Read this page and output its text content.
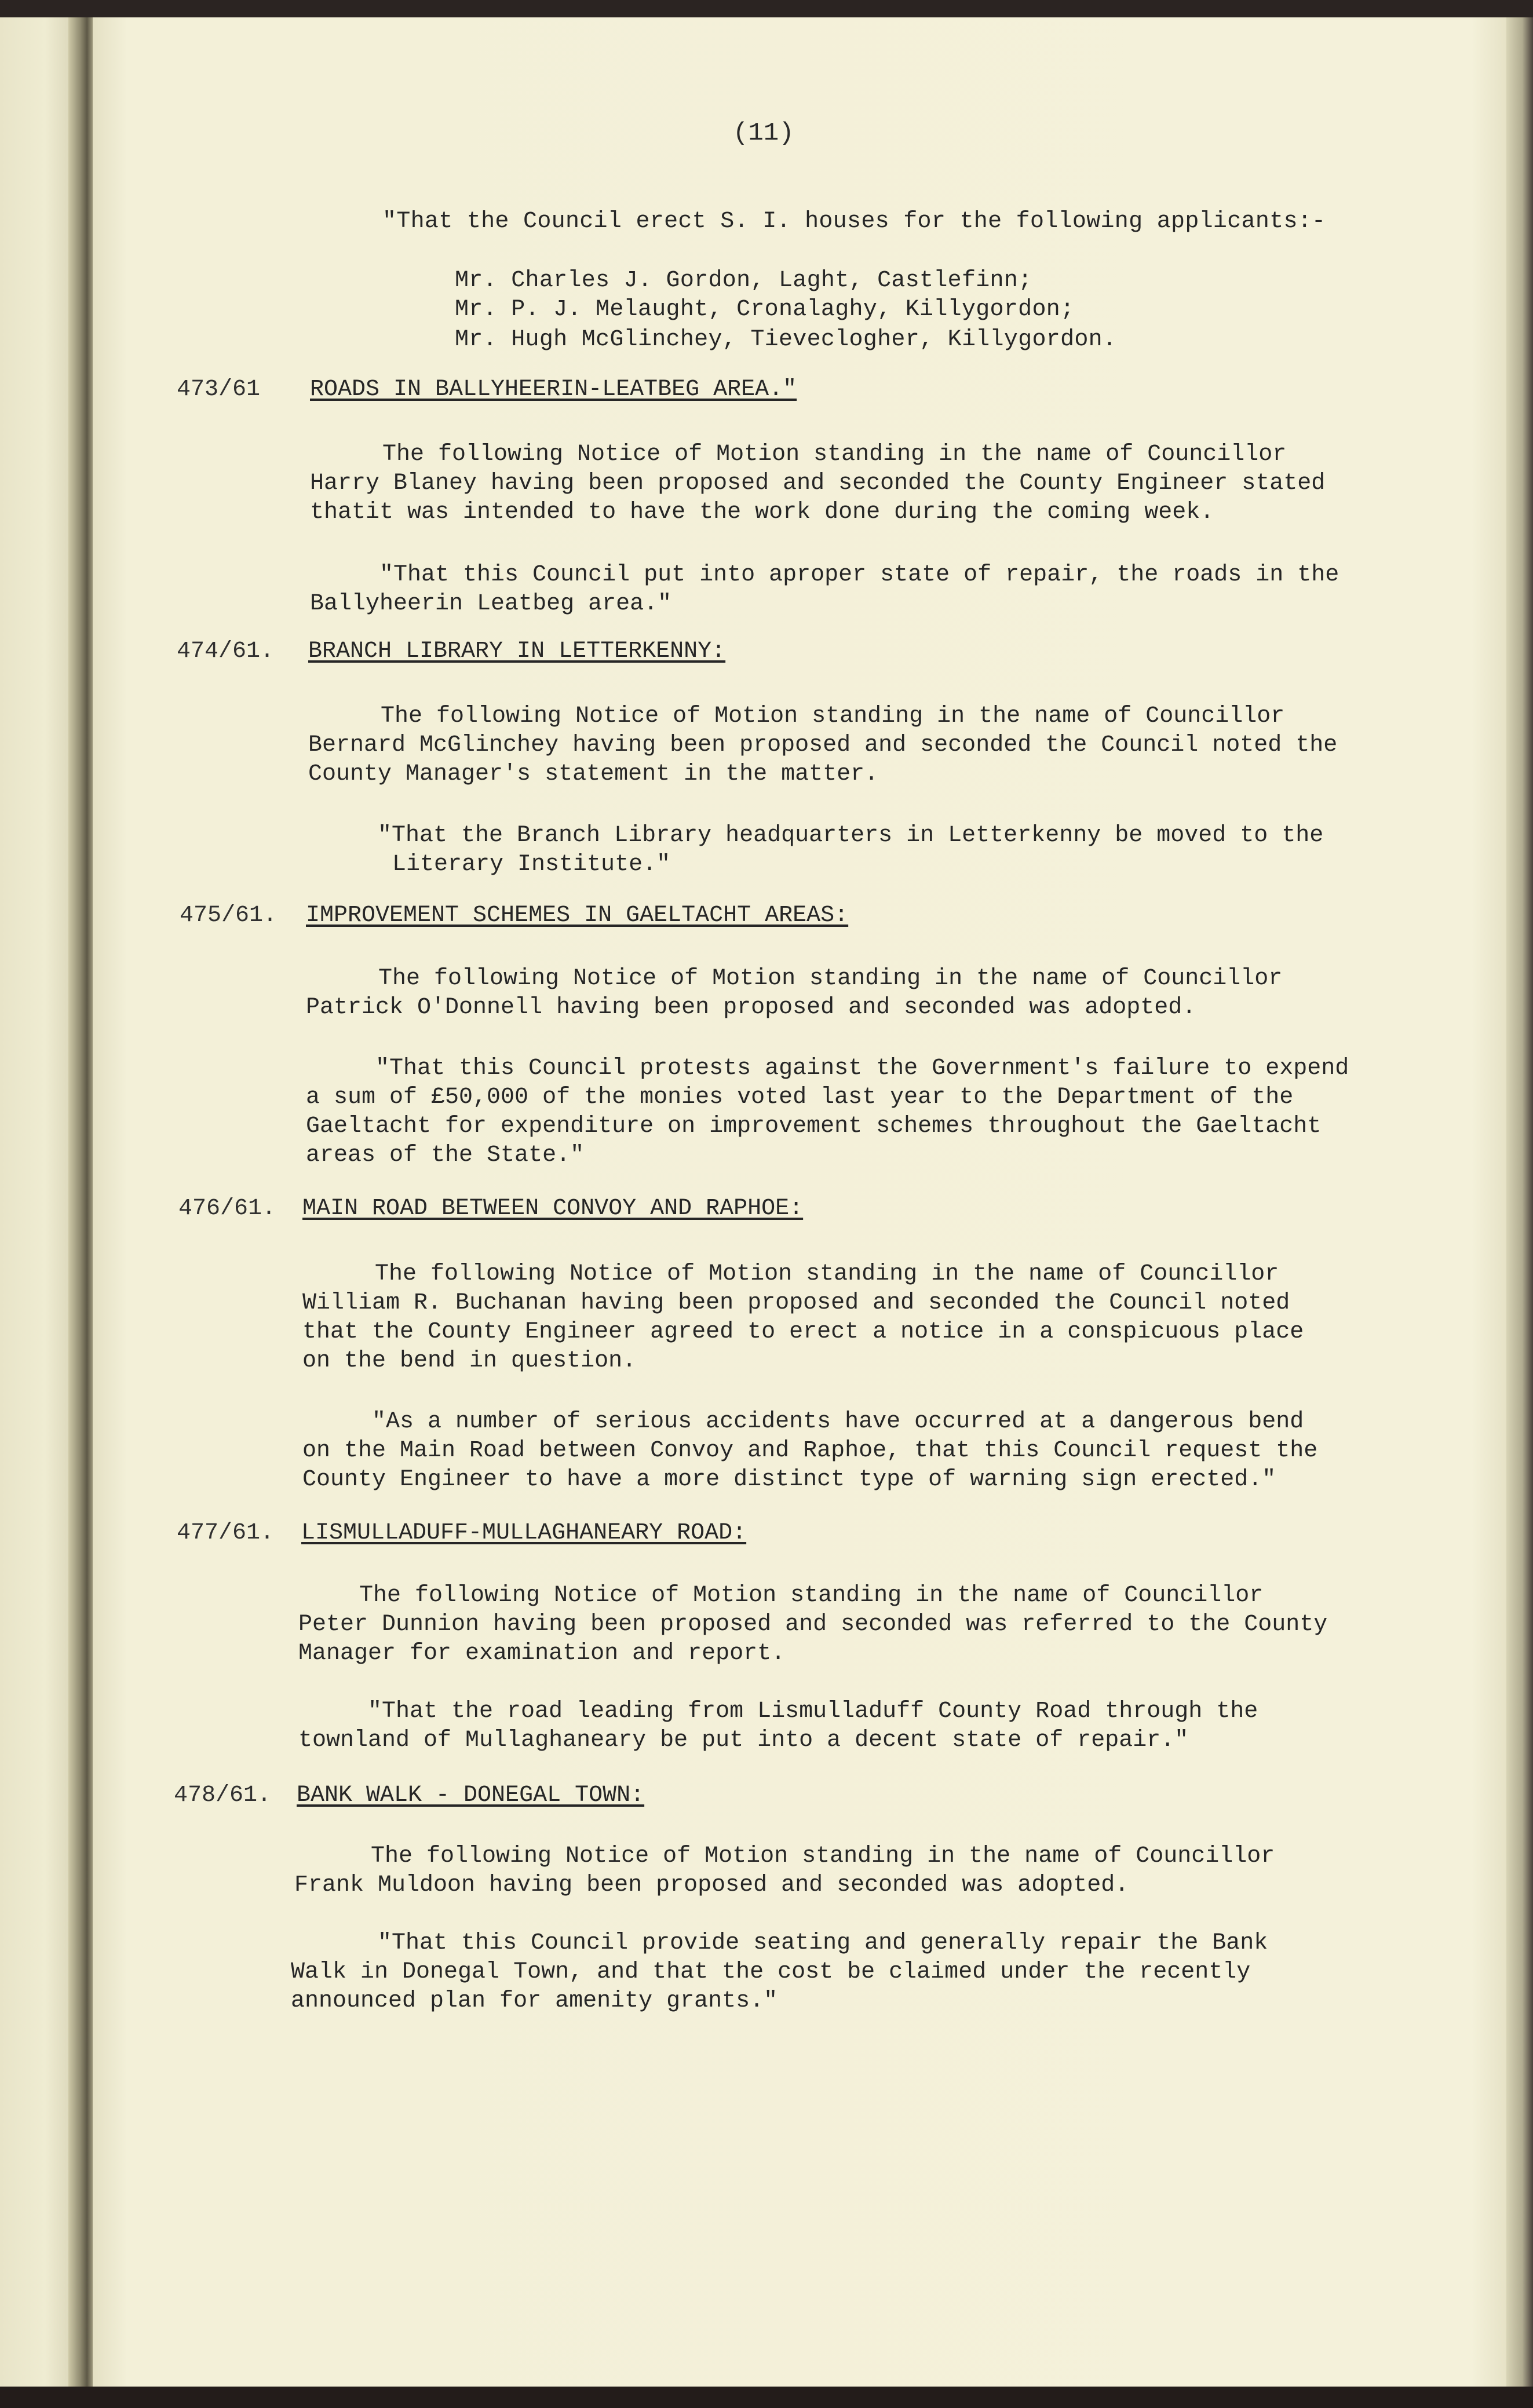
(11)
"That the Council erect S. I. houses for the following applicants:-
Mr. Charles J. Gordon, Laght, Castlefinn;
Mr. P. J. Melaught, Cronalaghy, Killygordon;
Mr. Hugh McGlinchey, Tieveclogher, Killygordon.
473/61 ROADS IN BALLYHEERIN-LEATBEG AREA."
The following Notice of Motion standing in the name of Councillor
Harry Blaney having been proposed and seconded the County Engineer stated
thatit was intended to have the work done during the coming week.
"That this Council put into aproper state of repair, the roads in the
Ballyheerin Leatbeg area."
474/61. BRANCH LIBRARY IN LETTERKENNY:
The following Notice of Motion standing in the name of Councillor
Bernard McGlinchey having been proposed and seconded the Council noted the
County Manager's statement in the matter.
"That the Branch Library headquarters in Letterkenny be moved to the
Literary Institute."
475/61. IMPROVEMENT SCHEMES IN GAELTACHT AREAS:
The following Notice of Motion standing in the name of Councillor
Patrick O'Donnell having been proposed and seconded was adopted.
"That this Council protests against the Government's failure to expend
a sum of £50,000 of the monies voted last year to the Department of the
Gaeltacht for expenditure on improvement schemes throughout the Gaeltacht
areas of the State."
476/61. MAIN ROAD BETWEEN CONVOY AND RAPHOE:
The following Notice of Motion standing in the name of Councillor
William R. Buchanan having been proposed and seconded the Council noted
that the County Engineer agreed to erect a notice in a conspicuous place
on the bend in question.
"As a number of serious accidents have occurred at a dangerous bend
on the Main Road between Convoy and Raphoe, that this Council request the
County Engineer to have a more distinct type of warning sign erected."
477/61. LISMULLADUFF-MULLAGHANEARY ROAD:
The following Notice of Motion standing in the name of Councillor
Peter Dunnion having been proposed and seconded was referred to the County
Manager for examination and report.
"That the road leading from Lismulladuff County Road through the
townland of Mullaghaneary be put into a decent state of repair."
478/61. BANK WALK - DONEGAL TOWN:
The following Notice of Motion standing in the name of Councillor
Frank Muldoon having been proposed and seconded was adopted.
"That this Council provide seating and generally repair the Bank
Walk in Donegal Town, and that the cost be claimed under the recently
announced plan for amenity grants."
